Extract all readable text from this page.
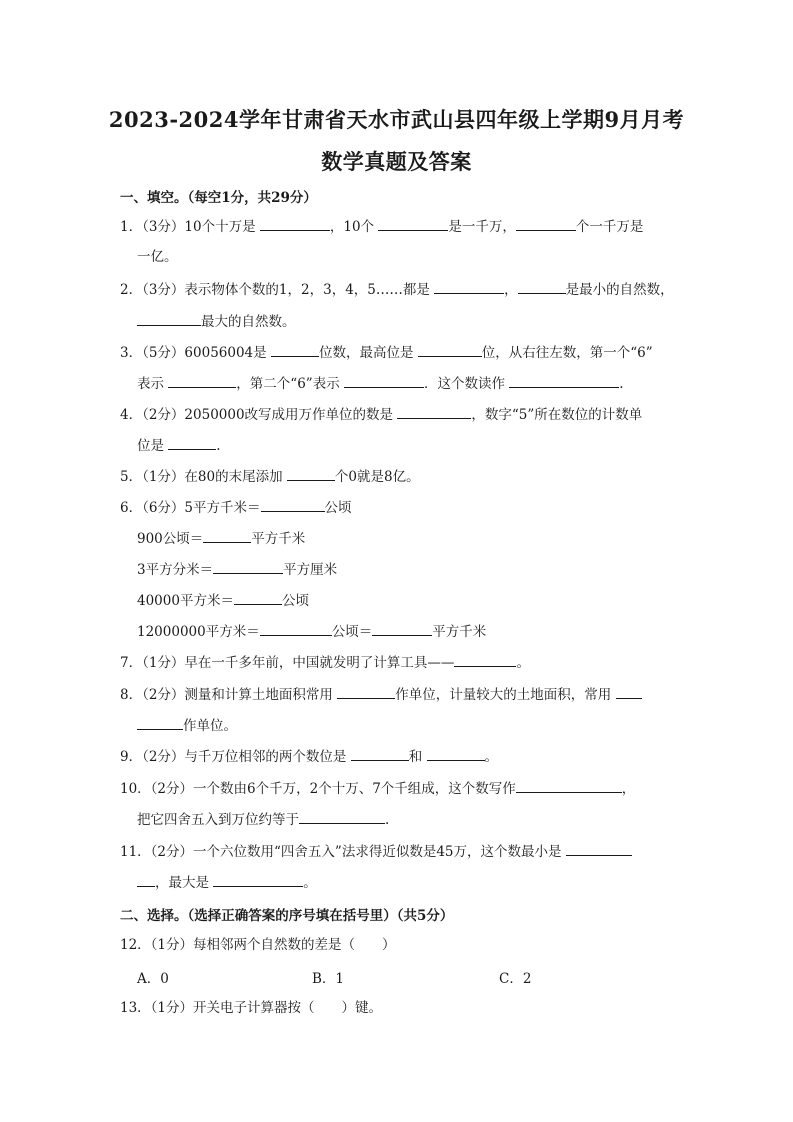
2023-2024学年甘肃省天水市武山县四年级上学期9月月考
数学真题及答案
一、填空。（每空1分，共29分）
1．（3分）10个十万是	，10个	是一千万，	个一千万是
一亿。
2．（3分）表示物体个数的1，2，3，4，5……都是	，	是最小的自然数，
最大的自然数。
3．（5分）60056004是	位数，最高位是	位，从右往左数，第一个“6”
表示	，第二个“6”表示	．这个数读作	.
4．（2分）2050000改写成用万作单位的数是	，数字“5”所在数位的计数单
位是	.
5．（1分）在80的末尾添加	个0就是8亿。
6．（6分）5平方千米＝	公顷
900公顷＝	平方千米
3平方分米＝	平方厘米
40000平方米＝	公顷
12000000平方米＝	公顷＝	平方千米
7．（1分）早在一千多年前，中国就发明了计算工具——	。
8．（2分）测量和计算土地面积常用	作单位，计量较大的土地面积，常用
作单位。
9．（2分）与千万位相邻的两个数位是	和	。
10．（2分）一个数由6个千万，2个十万、7个千组成，这个数写作	，
把它四舍五入到万位约等于	.
11．（2分）一个六位数用“四舍五入”法求得近似数是45万，这个数最小是
，最大是	。
二、选择。（选择正确答案的序号填在括号里）（共5分）
12．（1分）每相邻两个自然数的差是（　　）
A．0	B．1	C．2
13．（1分）开关电子计算器按（　　）键。
